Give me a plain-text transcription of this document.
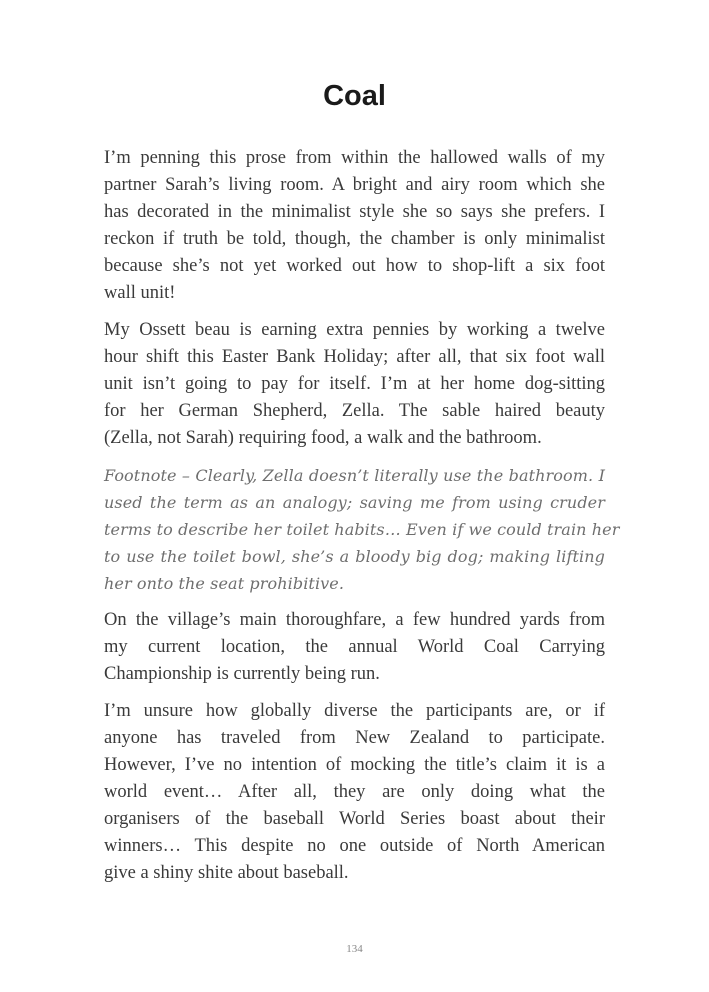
Coal
I’m penning this prose from within the hallowed walls of my
partner Sarah’s living room. A bright and airy room which she
has decorated in the minimalist style she so says she prefers. I
reckon if truth be told, though, the chamber is only minimalist
because she’s not yet worked out how to shop-lift a six foot
wall unit!
My Ossett beau is earning extra pennies by working a twelve
hour shift this Easter Bank Holiday; after all, that six foot wall
unit isn’t going to pay for itself. I’m at her home dog-sitting
for her German Shepherd, Zella. The sable haired beauty
(Zella, not Sarah) requiring food, a walk and the bathroom.
Footnote – Clearly, Zella doesn’t literally use the bathroom. I
used the term as an analogy; saving me from using cruder
terms to describe her toilet habits… Even if we could train her
to use the toilet bowl, she’s a bloody big dog; making lifting
her onto the seat prohibitive.
On the village’s main thoroughfare, a few hundred yards from
my current location, the annual World Coal Carrying
Championship is currently being run.
I’m unsure how globally diverse the participants are, or if
anyone has traveled from New Zealand to participate.
However, I’ve no intention of mocking the title’s claim it is a
world event… After all, they are only doing what the
organisers of the baseball World Series boast about their
winners… This despite no one outside of North American
give a shiny shite about baseball.
134
